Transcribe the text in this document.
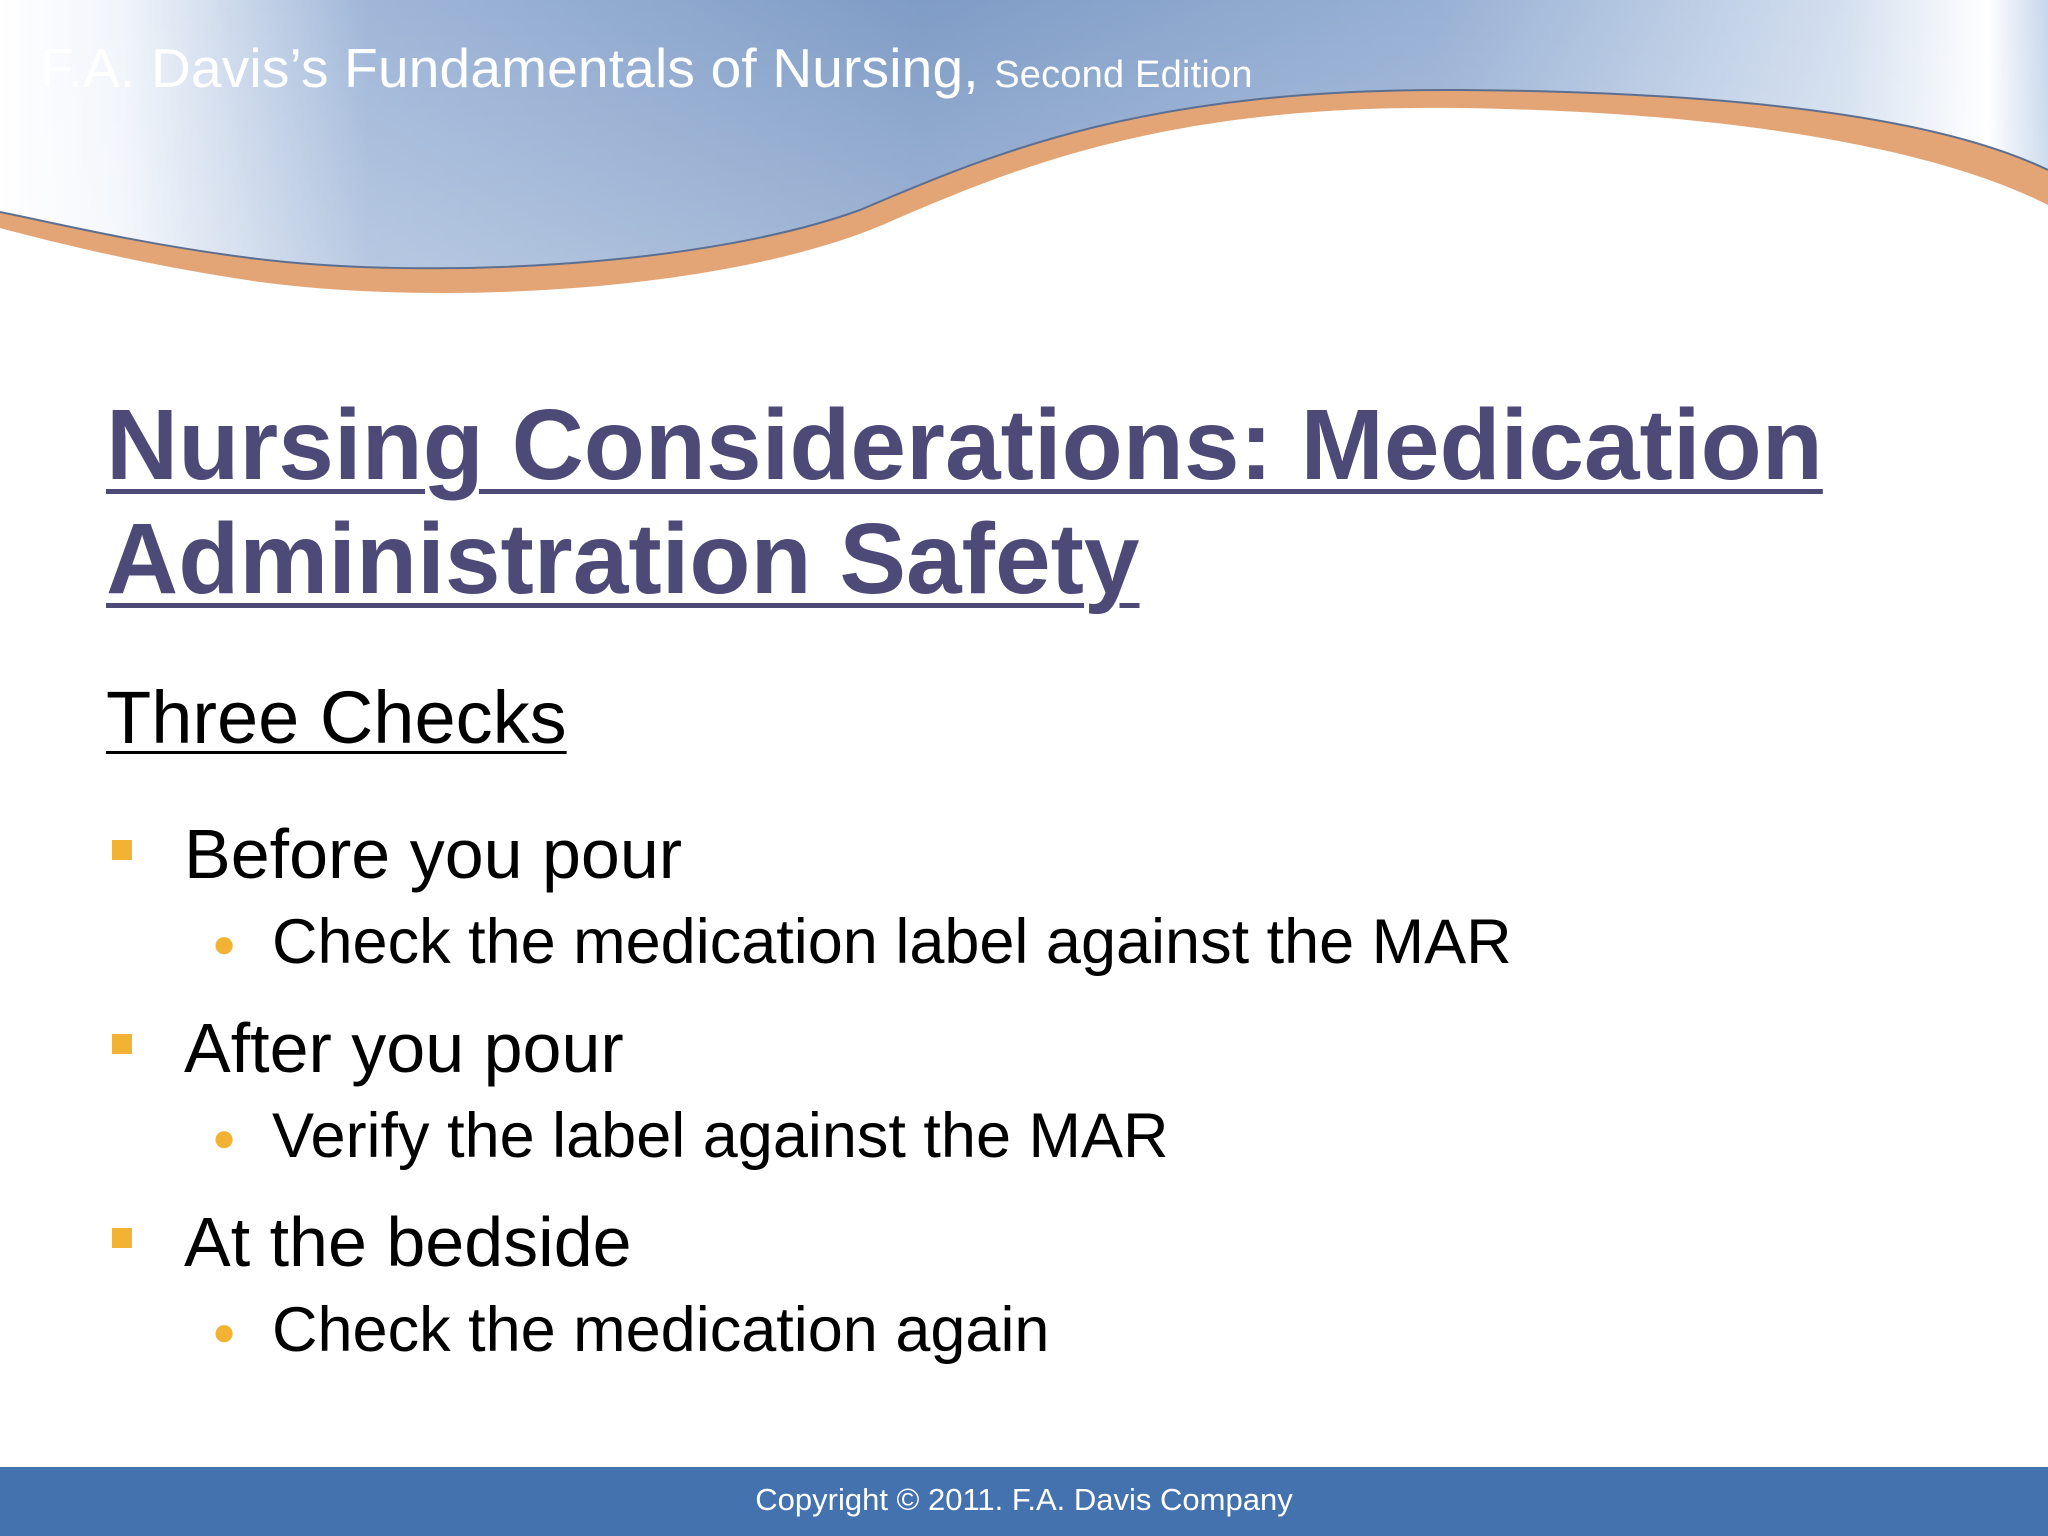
F.A. Davis’s Fundamentals of Nursing, Second Edition
Nursing Considerations: Medication Administration Safety
Three Checks
Before you pour
● Check the medication label against the MAR
After you pour
● Verify the label against the MAR
At the bedside
● Check the medication again
Copyright © 2011. F.A. Davis Company
